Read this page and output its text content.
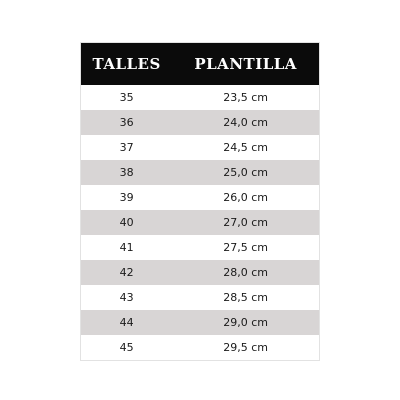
TALLES	PLANTILLA
35	23,5 cm
36	24,0 cm
37	24,5 cm
38	25,0 cm
39	26,0 cm
40	27,0 cm
41	27,5 cm
42	28,0 cm
43	28,5 cm
44	29,0 cm
45	29,5 cm
